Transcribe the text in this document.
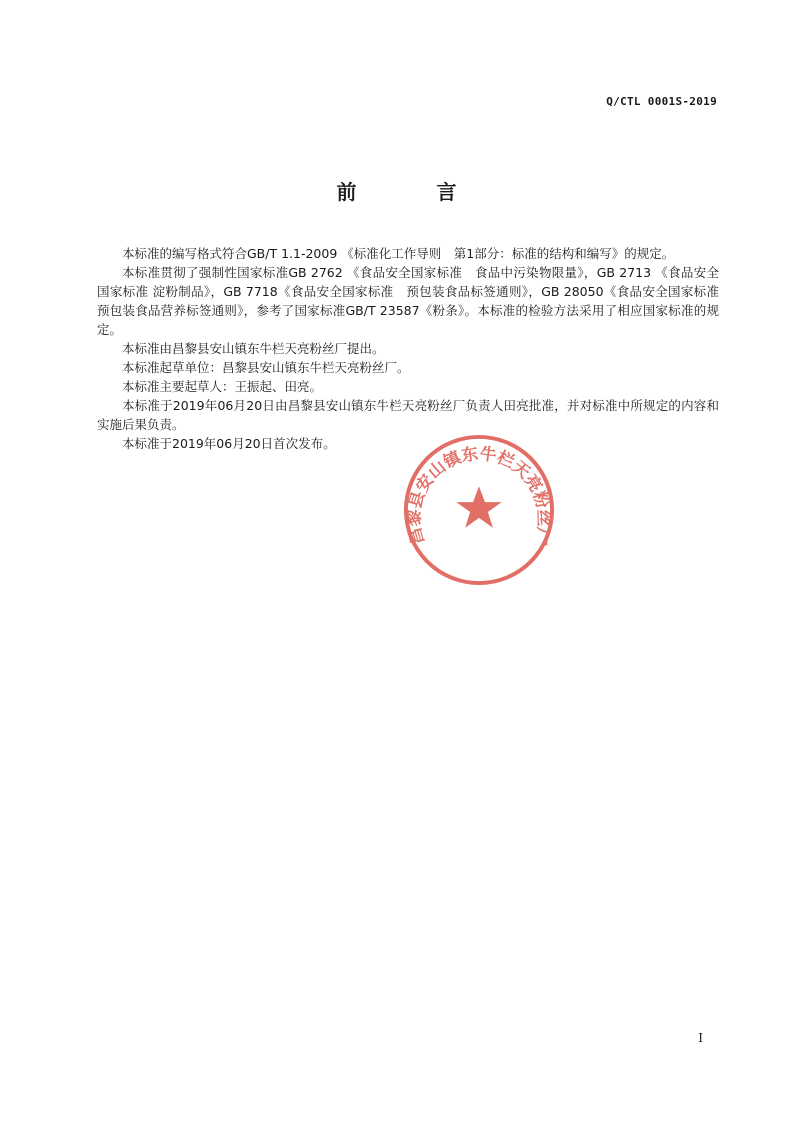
Q/CTL 0001S-2019
前　　　　言

本标准的编写格式符合GB/T 1.1-2009 《标准化工作导则　第1部分：标准的结构和编写》的规定。

本标准贯彻了强制性国家标准GB 2762 《食品安全国家标准　食品中污染物限量》，GB 2713 《食品安全国家标准 淀粉制品》，GB 7718《食品安全国家标准　预包装食品标签通则》，GB 28050《食品安全国家标准　预包装食品营养标签通则》，参考了国家标准GB/T 23587《粉条》。本标准的检验方法采用了相应国家标准的规定。

本标准由昌黎县安山镇东牛栏天亮粉丝厂提出。

本标准起草单位：昌黎县安山镇东牛栏天亮粉丝厂。

本标准主要起草人：王振起、田亮。

本标准于2019年06月20日由昌黎县安山镇东牛栏天亮粉丝厂负责人田亮批准，并对标准中所规定的内容和实施后果负责。

本标准于2019年06月20日首次发布。

昌黎县安山镇东牛栏天亮粉丝厂
I
